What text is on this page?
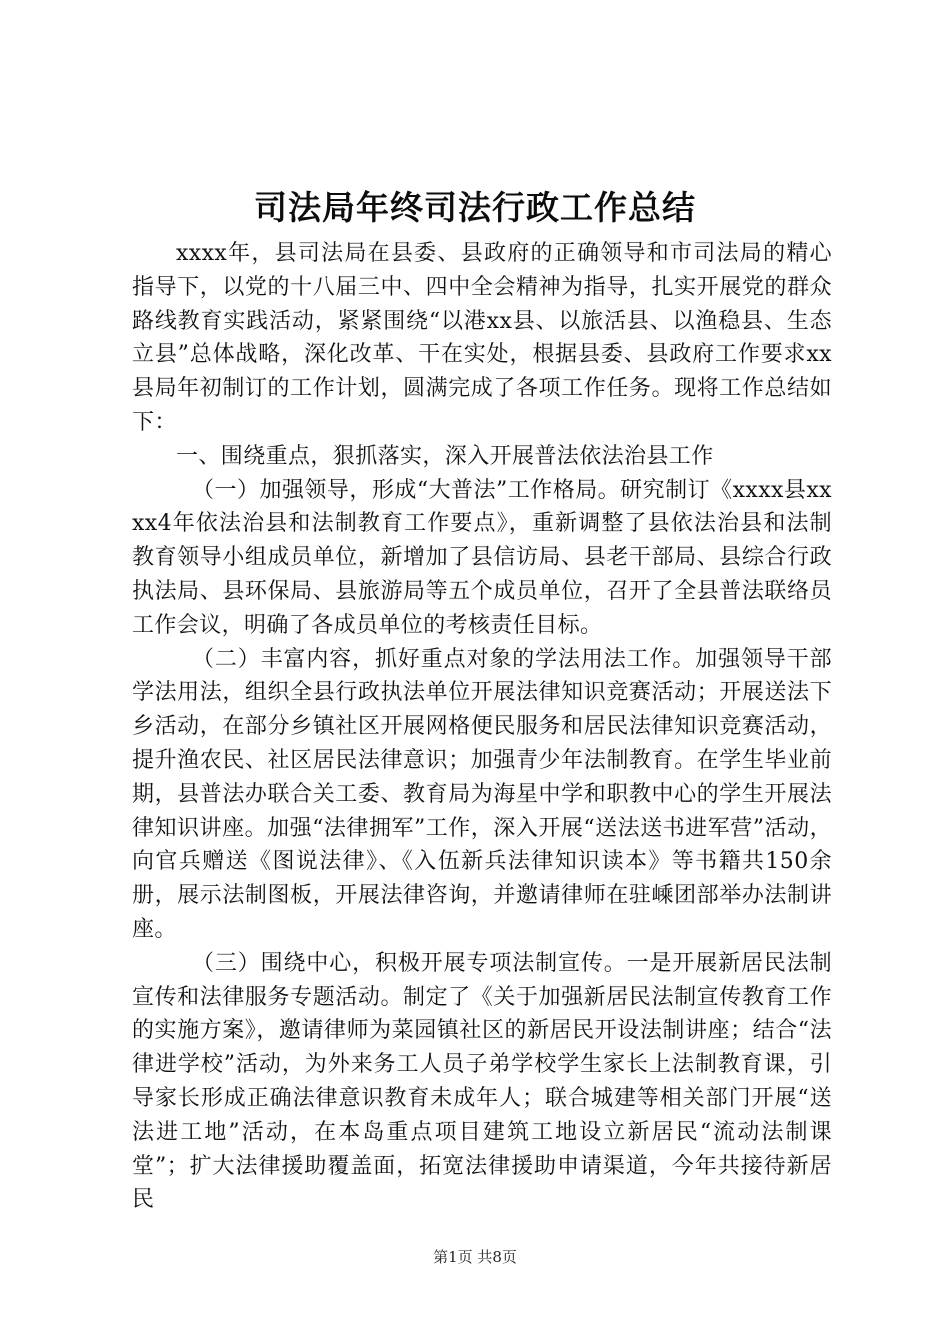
司法局年终司法行政工作总结

xxxx年，县司法局在县委、县政府的正确领导和市司法局的精心指导下，以党的十八届三中、四中全会精神为指导，扎实开展党的群众路线教育实践活动，紧紧围绕“以港xx县、以旅活县、以渔稳县、生态立县”总体战略，深化改革、干在实处，根据县委、县政府工作要求xx县局年初制订的工作计划，圆满完成了各项工作任务。现将工作总结如下：

一、围绕重点，狠抓落实，深入开展普法依法治县工作

（一）加强领导，形成“大普法”工作格局。研究制订《xxxx县xxxx4年依法治县和法制教育工作要点》，重新调整了县依法治县和法制教育领导小组成员单位，新增加了县信访局、县老干部局、县综合行政执法局、县环保局、县旅游局等五个成员单位，召开了全县普法联络员工作会议，明确了各成员单位的考核责任目标。

（二）丰富内容，抓好重点对象的学法用法工作。加强领导干部学法用法，组织全县行政执法单位开展法律知识竞赛活动；开展送法下乡活动，在部分乡镇社区开展网格便民服务和居民法律知识竞赛活动，提升渔农民、社区居民法律意识；加强青少年法制教育。在学生毕业前期，县普法办联合关工委、教育局为海星中学和职教中心的学生开展法律知识讲座。加强“法律拥军”工作，深入开展“送法送书进军营”活动，向官兵赠送《图说法律》、《入伍新兵法律知识读本》等书籍共150余册，展示法制图板，开展法律咨询，并邀请律师在驻嵊团部举办法制讲座。

（三）围绕中心，积极开展专项法制宣传。一是开展新居民法制宣传和法律服务专题活动。制定了《关于加强新居民法制宣传教育工作的实施方案》，邀请律师为菜园镇社区的新居民开设法制讲座；结合“法律进学校”活动，为外来务工人员子弟学校学生家长上法制教育课，引导家长形成正确法律意识教育未成年人；联合城建等相关部门开展“送法进工地”活动，在本岛重点项目建筑工地设立新居民“流动法制课堂”；扩大法律援助覆盖面，拓宽法律援助申请渠道，今年共接待新居民

第1页 共8页
